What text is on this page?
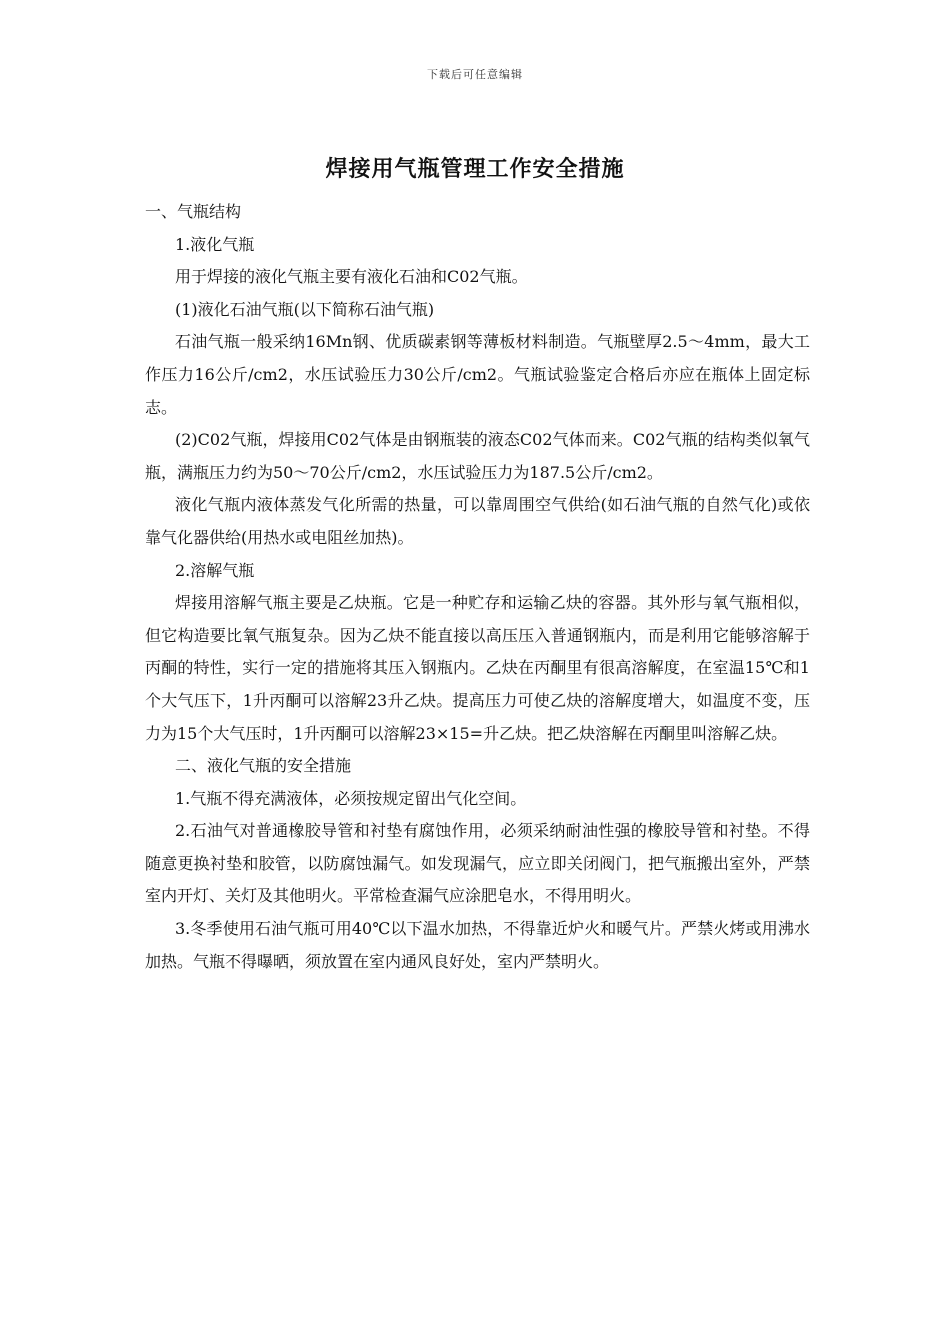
下载后可任意编辑
焊接用气瓶管理工作安全措施

一、气瓶结构

1.液化气瓶

用于焊接的液化气瓶主要有液化石油和C02气瓶。

(1)液化石油气瓶(以下简称石油气瓶)

石油气瓶一般采纳16Mn钢、优质碳素钢等薄板材料制造。气瓶壁厚2.5～4mm，最大工作压力16公斤/cm2，水压试验压力30公斤/cm2。气瓶试验鉴定合格后亦应在瓶体上固定标志。

(2)C02气瓶，焊接用C02气体是由钢瓶装的液态C02气体而来。C02气瓶的结构类似氧气瓶，满瓶压力约为50～70公斤/cm2，水压试验压力为187.5公斤/cm2。

液化气瓶内液体蒸发气化所需的热量，可以靠周围空气供给(如石油气瓶的自然气化)或依靠气化器供给(用热水或电阻丝加热)。

2.溶解气瓶

焊接用溶解气瓶主要是乙炔瓶。它是一种贮存和运输乙炔的容器。其外形与氧气瓶相似，但它构造要比氧气瓶复杂。因为乙炔不能直接以高压压入普通钢瓶内，而是利用它能够溶解于丙酮的特性，实行一定的措施将其压入钢瓶内。乙炔在丙酮里有很高溶解度，在室温15℃和1个大气压下，1升丙酮可以溶解23升乙炔。提高压力可使乙炔的溶解度增大，如温度不变，压力为15个大气压时，1升丙酮可以溶解23×15=升乙炔。把乙炔溶解在丙酮里叫溶解乙炔。

二、液化气瓶的安全措施

1.气瓶不得充满液体，必须按规定留出气化空间。

2.石油气对普通橡胶导管和衬垫有腐蚀作用，必须采纳耐油性强的橡胶导管和衬垫。不得随意更换衬垫和胶管，以防腐蚀漏气。如发现漏气，应立即关闭阀门，把气瓶搬出室外，严禁室内开灯、关灯及其他明火。平常检查漏气应涂肥皂水，不得用明火。

3.冬季使用石油气瓶可用40℃以下温水加热，不得靠近炉火和暖气片。严禁火烤或用沸水加热。气瓶不得曝晒，须放置在室内通风良好处，室内严禁明火。
